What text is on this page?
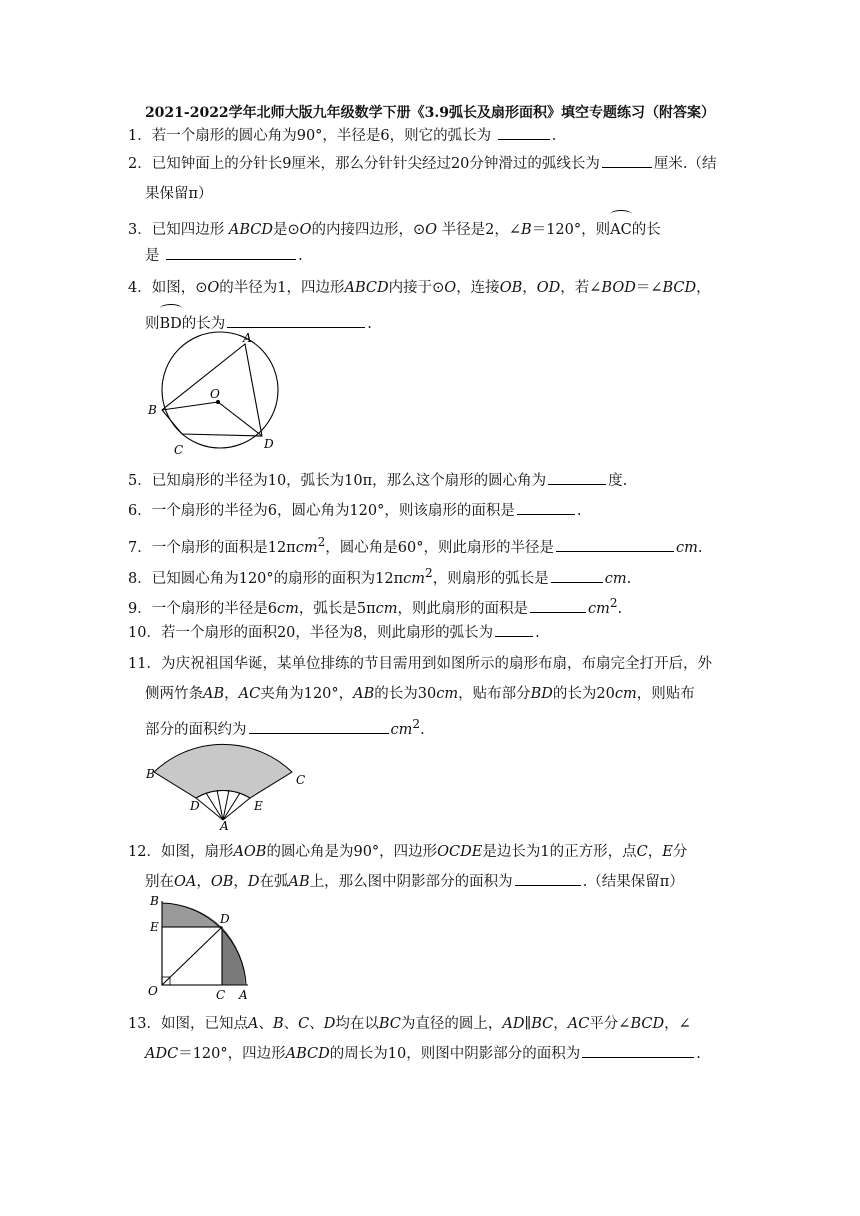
2021-2022学年北师大版九年级数学下册《3.9弧长及扇形面积》填空专题练习（附答案）
1．若一个扇形的圆心角为90°，半径是6，则它的弧长为	.
2．已知钟面上的分针长9厘米，那么分针针尖经过20分钟滑过的弧线长为	厘米.（结
果保留π）
3．已知四边形 ABCD是⊙O的内接四边形，⊙O 半径是2，∠B＝120°，则AC的长
是	.
4．如图，⊙O的半径为1，四边形ABCD内接于⊙O，连接OB，OD，若∠BOD＝∠BCD，
则BD的长为	.
A
B
C	D
O
5．已知扇形的半径为10，弧长为10π，那么这个扇形的圆心角为	度.
6．一个扇形的半径为6，圆心角为120°，则该扇形的面积是	.
7．一个扇形的面积是12πcm$^2$，圆心角是60°，则此扇形的半径是	cm.
8．已知圆心角为120°的扇形的面积为12πcm$^2$，则扇形的弧长是	cm.
9．一个扇形的半径是6cm，弧长是5πcm，则此扇形的面积是	$cm^2$.
10．若一个扇形的面积20，半径为8，则此扇形的弧长为	.
11．为庆祝祖国华诞，某单位排练的节目需用到如图所示的扇形布扇，布扇完全打开后，外
侧两竹条AB，AC夹角为120°，AB的长为30cm，贴布部分BD的长为20cm，则贴布
部分的面积约为	$cm^2$.
B	C
D	E
A
12．如图，扇形AOB的圆心角是为90°，四边形OCDE是边长为1的正方形，点C，E分
别在OA，OB，D在弧AB上，那么图中阴影部分的面积为	.（结果保留π）
B
E
D
O	C A
13．如图，已知点A、B、C、D均在以BC为直径的圆上，AD∥BC，AC平分∠BCD，∠
ADC＝120°，四边形ABCD的周长为10，则图中阴影部分的面积为	.
